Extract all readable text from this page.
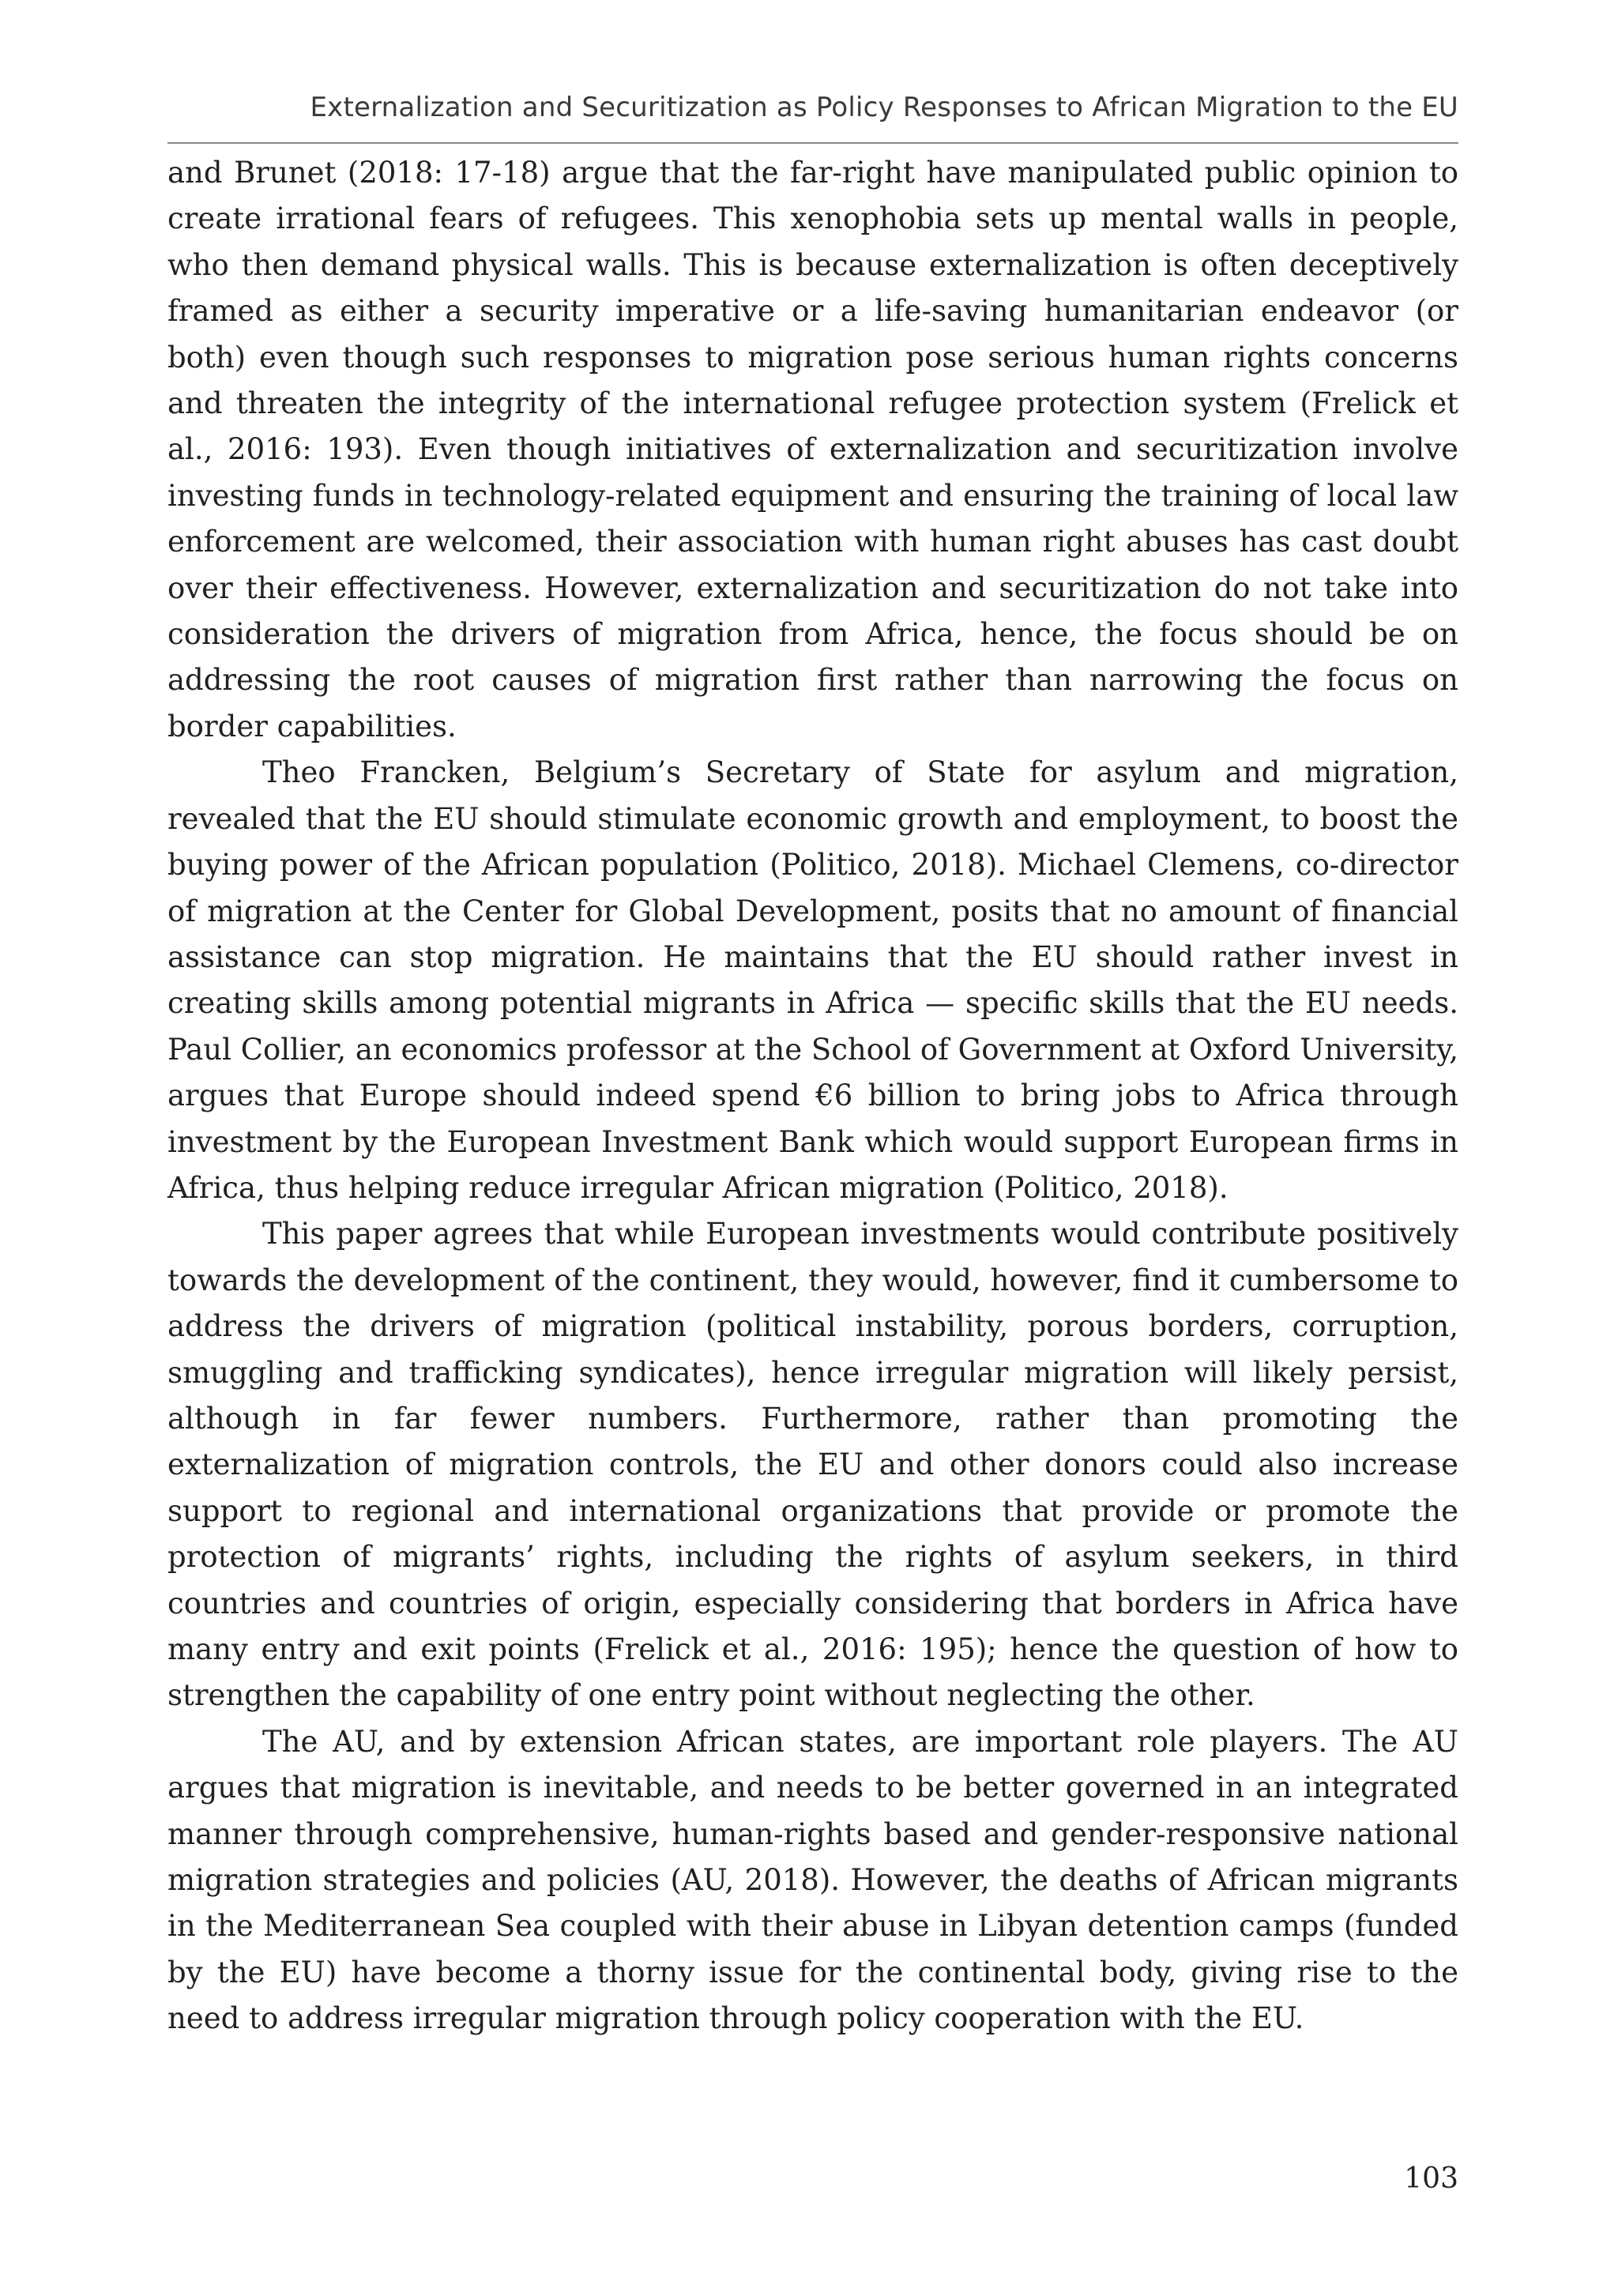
Externalization and Securitization as Policy Responses to African Migration to the EU

and Brunet (2018: 17-18) argue that the far-right have manipulated public opinion to create irrational fears of refugees. This xenophobia sets up mental walls in people, who then demand physical walls. This is because externalization is often deceptively framed as either a security imperative or a life-saving humanitarian endeavor (or both) even though such responses to migration pose serious human rights concerns and threaten the integrity of the international refugee protection system (Frelick et al., 2016: 193). Even though initiatives of externalization and securitization involve investing funds in technology-related equipment and ensuring the training of local law enforcement are welcomed, their association with human right abuses has cast doubt over their effectiveness. However, externalization and securitization do not take into consideration the drivers of migration from Africa, hence, the focus should be on addressing the root causes of migration first rather than narrowing the focus on border capabilities.

Theo Francken, Belgium’s Secretary of State for asylum and migration, revealed that the EU should stimulate economic growth and employment, to boost the buying power of the African population (Politico, 2018). Michael Clemens, co-director of migration at the Center for Global Development, posits that no amount of financial assistance can stop migration. He maintains that the EU should rather invest in creating skills among potential migrants in Africa — specific skills that the EU needs. Paul Collier, an economics professor at the School of Government at Oxford University, argues that Europe should indeed spend €6 billion to bring jobs to Africa through investment by the European Investment Bank which would support European firms in Africa, thus helping reduce irregular African migration (Politico, 2018).

This paper agrees that while European investments would contribute positively towards the development of the continent, they would, however, find it cumbersome to address the drivers of migration (political instability, porous borders, corruption, smuggling and trafficking syndicates), hence irregular migration will likely persist, although in far fewer numbers. Furthermore, rather than promoting the externalization of migration controls, the EU and other donors could also increase support to regional and international organizations that provide or promote the protection of migrants’ rights, including the rights of asylum seekers, in third countries and countries of origin, especially considering that borders in Africa have many entry and exit points (Frelick et al., 2016: 195); hence the question of how to strengthen the capability of one entry point without neglecting the other.

The AU, and by extension African states, are important role players. The AU argues that migration is inevitable, and needs to be better governed in an integrated manner through comprehensive, human-rights based and gender-responsive national migration strategies and policies (AU, 2018). However, the deaths of African migrants in the Mediterranean Sea coupled with their abuse in Libyan detention camps (funded by the EU) have become a thorny issue for the continental body, giving rise to the need to address irregular migration through policy cooperation with the EU.

103
